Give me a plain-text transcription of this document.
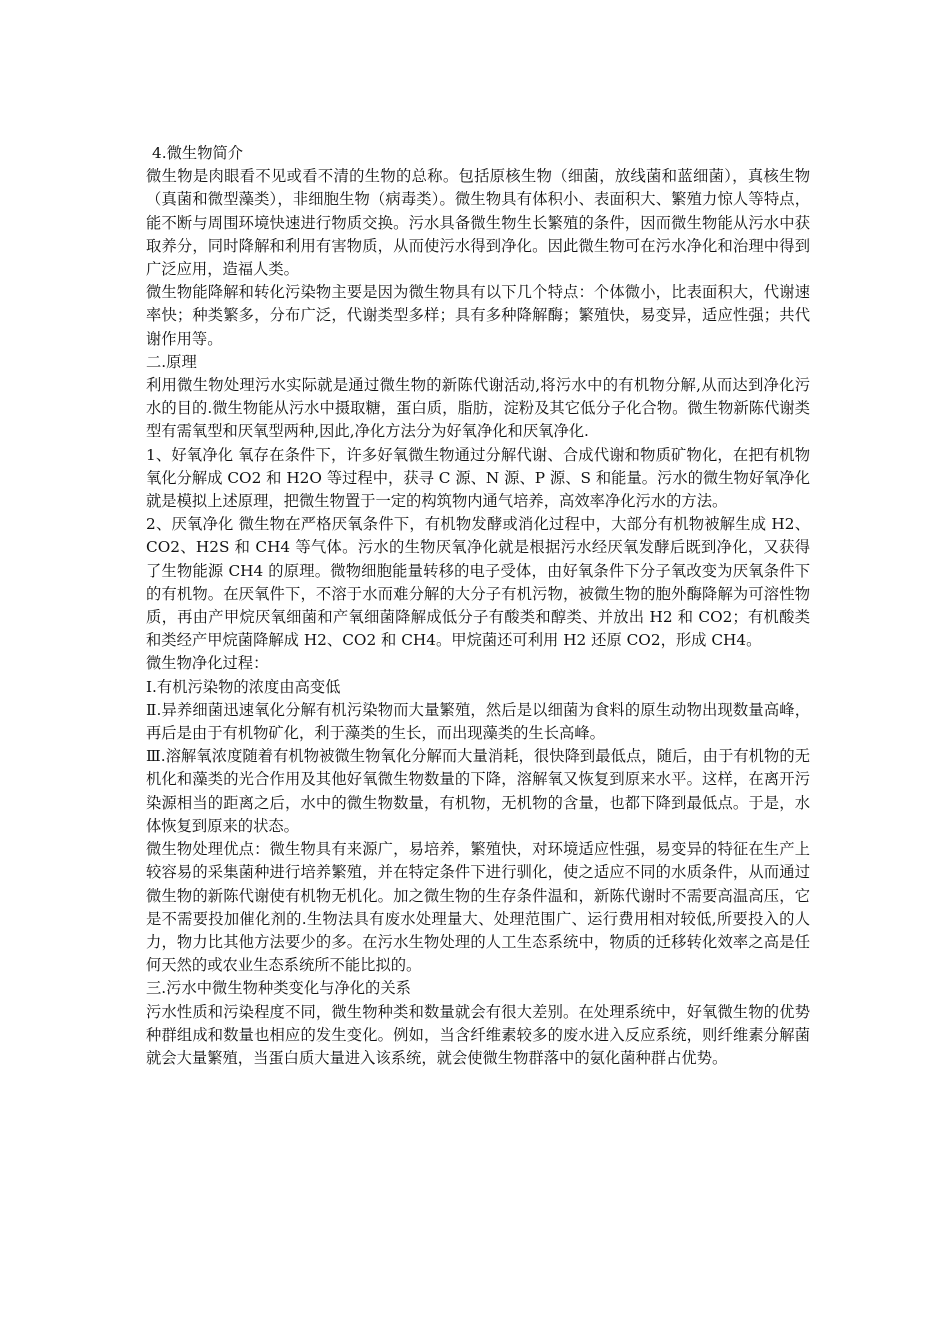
4.微生物简介

微生物是肉眼看不见或看不清的生物的总称。包括原核生物（细菌，放线菌和蓝细菌），真核生物（真菌和微型藻类），非细胞生物（病毒类）。微生物具有体积小、表面积大、繁殖力惊人等特点，能不断与周围环境快速进行物质交换。污水具备微生物生长繁殖的条件，因而微生物能从污水中获取养分，同时降解和利用有害物质，从而使污水得到净化。因此微生物可在污水净化和治理中得到广泛应用，造福人类。

微生物能降解和转化污染物主要是因为微生物具有以下几个特点：个体微小，比表面积大，代谢速率快；种类繁多，分布广泛，代谢类型多样；具有多种降解酶；繁殖快，易变异，适应性强；共代谢作用等。

二.原理

利用微生物处理污水实际就是通过微生物的新陈代谢活动,将污水中的有机物分解,从而达到净化污水的目的.微生物能从污水中摄取糖，蛋白质，脂肪，淀粉及其它低分子化合物。微生物新陈代谢类型有需氧型和厌氧型两种,因此,净化方法分为好氧净化和厌氧净化.

1、好氧净化 氧存在条件下，许多好氧微生物通过分解代谢、合成代谢和物质矿物化，在把有机物氧化分解成 CO2 和 H2O 等过程中，获寻 C 源、N 源、P 源、S 和能量。污水的微生物好氧净化就是模拟上述原理，把微生物置于一定的构筑物内通气培养，高效率净化污水的方法。

2、厌氧净化 微生物在严格厌氧条件下，有机物发酵或消化过程中，大部分有机物被解生成 H2、CO2、H2S 和 CH4 等气体。污水的生物厌氧净化就是根据污水经厌氧发酵后既到净化，又获得了生物能源 CH4 的原理。微物细胞能量转移的电子受体，由好氧条件下分子氧改变为厌氧条件下的有机物。在厌氧件下，不溶于水而难分解的大分子有机污物，被微生物的胞外酶降解为可溶性物质，再由产甲烷厌氧细菌和产氧细菌降解成低分子有酸类和醇类、并放出 H2 和 CO2；有机酸类和类经产甲烷菌降解成 H2、CO2 和 CH4。甲烷菌还可利用 H2 还原 CO2，形成 CH4。

微生物净化过程：

Ⅰ.有机污染物的浓度由高变低

Ⅱ.异养细菌迅速氧化分解有机污染物而大量繁殖，然后是以细菌为食料的原生动物出现数量高峰，再后是由于有机物矿化，利于藻类的生长，而出现藻类的生长高峰。

Ⅲ.溶解氧浓度随着有机物被微生物氧化分解而大量消耗，很快降到最低点，随后，由于有机物的无机化和藻类的光合作用及其他好氧微生物数量的下降，溶解氧又恢复到原来水平。这样，在离开污染源相当的距离之后，水中的微生物数量，有机物，无机物的含量，也都下降到最低点。于是，水体恢复到原来的状态。

微生物处理优点：微生物具有来源广，易培养，繁殖快，对环境适应性强，易变异的特征在生产上较容易的采集菌种进行培养繁殖，并在特定条件下进行驯化，使之适应不同的水质条件，从而通过微生物的新陈代谢使有机物无机化。加之微生物的生存条件温和，新陈代谢时不需要高温高压，它是不需要投加催化剂的.生物法具有废水处理量大、处理范围广、运行费用相对较低,所要投入的人力，物力比其他方法要少的多。在污水生物处理的人工生态系统中，物质的迁移转化效率之高是任何天然的或农业生态系统所不能比拟的。

三.污水中微生物种类变化与净化的关系

污水性质和污染程度不同，微生物种类和数量就会有很大差别。在处理系统中，好氧微生物的优势种群组成和数量也相应的发生变化。例如，当含纤维素较多的废水进入反应系统，则纤维素分解菌就会大量繁殖，当蛋白质大量进入该系统，就会使微生物群落中的氨化菌种群占优势。
